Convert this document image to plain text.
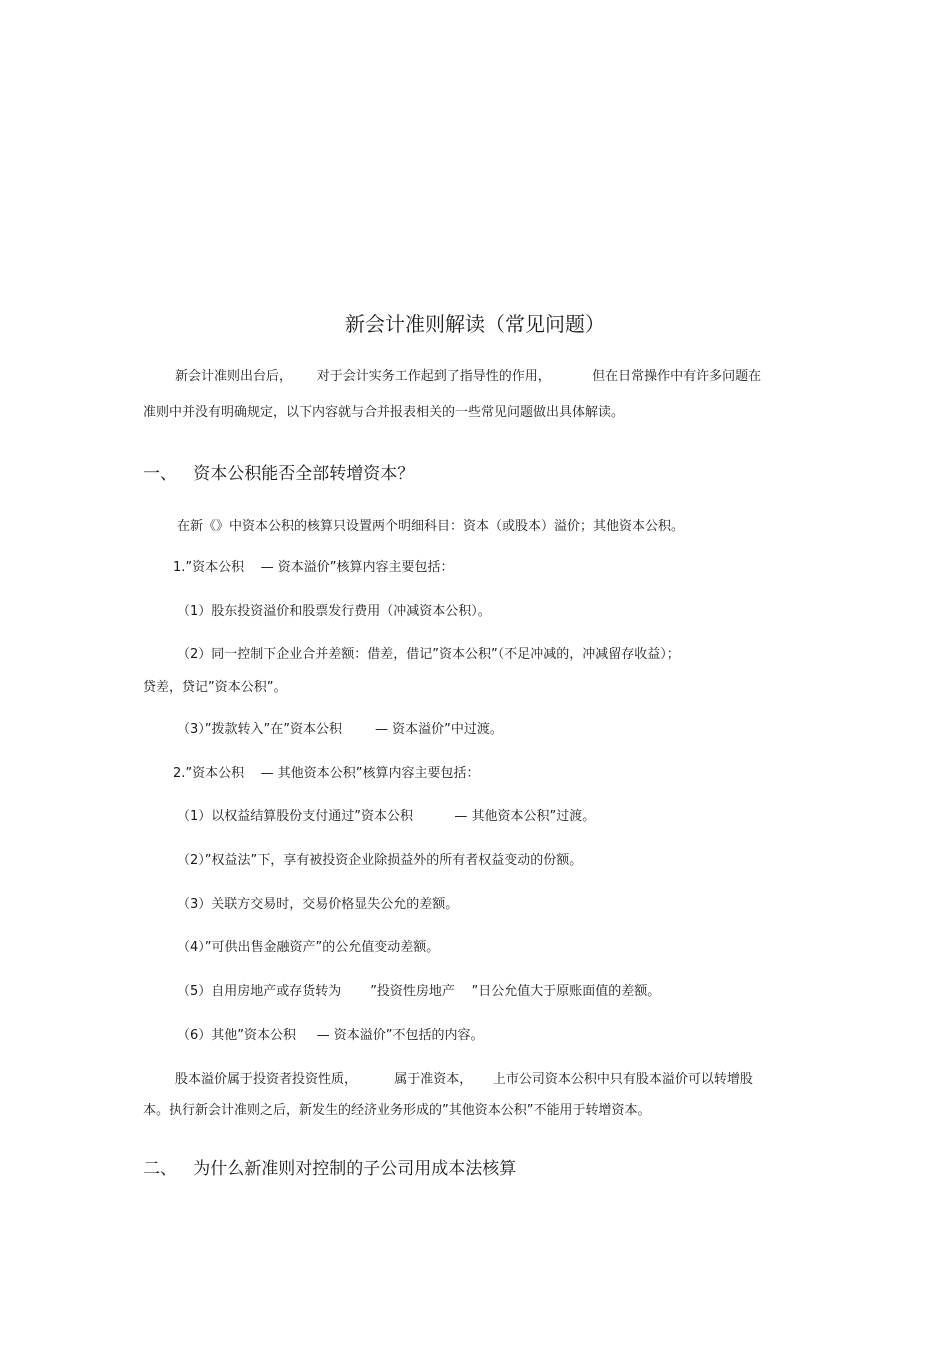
新会计准则解读（常见问题）

新会计准则出台后，      对于会计实务工作起到了指导性的作用，          但在日常操作中有许多问题在

准则中并没有明确规定，以下内容就与合并报表相关的一些常见问题做出具体解读。

一、   资本公积能否全部转增资本？

在新《》中资本公积的核算只设置两个明细科目：资本（或股本）溢价；其他资本公积。

1.”资本公积    — 资本溢价”核算内容主要包括：

（1）股东投资溢价和股票发行费用（冲减资本公积）。

（2）同一控制下企业合并差额：借差，借记”资本公积”（不足冲减的，冲减留存收益）；

贷差，贷记”资本公积”。

（3）”拨款转入”在”资本公积        — 资本溢价”中过渡。

2.”资本公积    — 其他资本公积”核算内容主要包括：

（1）以权益结算股份支付通过”资本公积          — 其他资本公积”过渡。

（2）”权益法”下，享有被投资企业除损益外的所有者权益变动的份额。

（3）关联方交易时，交易价格显失公允的差额。

（4）”可供出售金融资产”的公允值变动差额。

（5）自用房地产或存货转为       ”投资性房地产    ”日公允值大于原账面值的差额。

（6）其他”资本公积     — 资本溢价”不包括的内容。

股本溢价属于投资者投资性质，         属于准资本，     上市公司资本公积中只有股本溢价可以转增股

本。执行新会计准则之后，新发生的经济业务形成的”其他资本公积”不能用于转增资本。

二、   为什么新准则对控制的子公司用成本法核算
